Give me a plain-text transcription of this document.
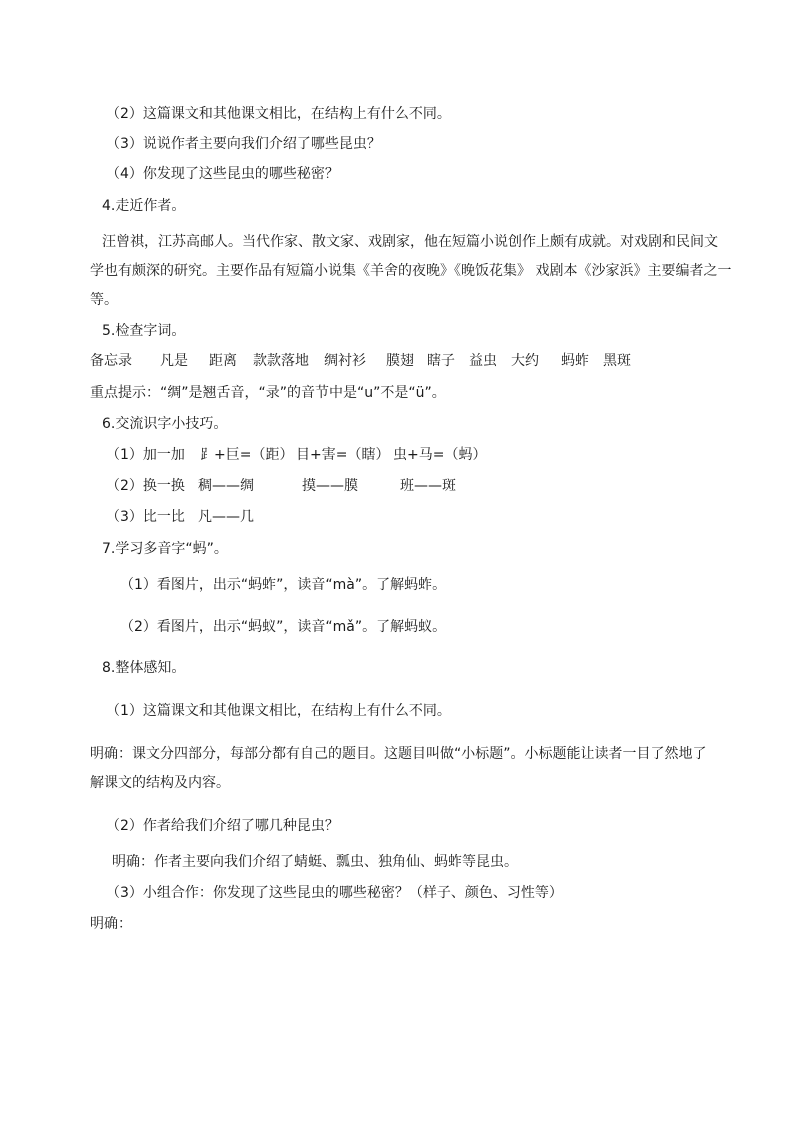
（2）这篇课文和其他课文相比，在结构上有什么不同。
（3）说说作者主要向我们介绍了哪些昆虫？
（4）你发现了这些昆虫的哪些秘密？
4.走近作者。
汪曾祺，江苏高邮人。当代作家、散文家、戏剧家，他在短篇小说创作上颇有成就。对戏剧和民间文
学也有颇深的研究。主要作品有短篇小说集《羊舍的夜晚》《晚饭花集》 戏剧本《沙家浜》主要编者之一
等。
5.检查字词。
备忘录 凡是 距离 款款落地 绸衬衫 膜翅 瞎子 益虫 大约 蚂蚱 黑斑
重点提示：“绸”是翘舌音，“录”的音节中是“u”不是“ü”。
6.交流识字小技巧。
（1）加一加 ⻊+巨=（距） 目+害=（瞎） 虫+马=（蚂）
（2）换一换 稠——绸	摸——膜	班——斑
（3）比一比 凡——几
7.学习多音字“蚂”。
（1）看图片，出示“蚂蚱”，读音“mà”。了解蚂蚱。
（2）看图片，出示“蚂蚁”，读音“mǎ”。了解蚂蚁。
8.整体感知。
（1）这篇课文和其他课文相比，在结构上有什么不同。
明确：课文分四部分，每部分都有自己的题目。这题目叫做“小标题”。小标题能让读者一目了然地了
解课文的结构及内容。
（2）作者给我们介绍了哪几种昆虫？
明确：作者主要向我们介绍了蜻蜓、瓢虫、独角仙、蚂蚱等昆虫。
（3）小组合作：你发现了这些昆虫的哪些秘密？（样子、颜色、习性等）
明确：
